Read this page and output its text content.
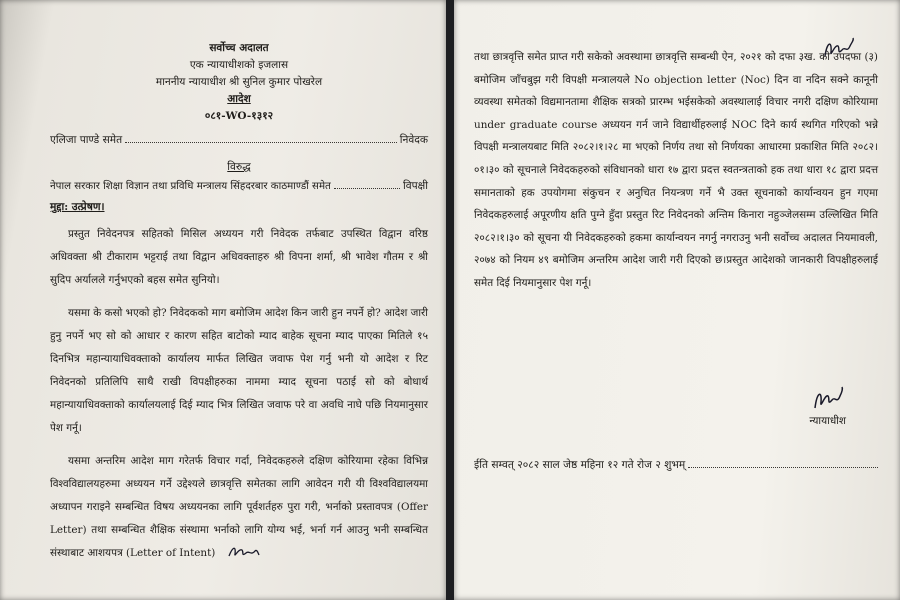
सर्वोच्च अदालत
एक न्यायाधीशको इजलास
माननीय न्यायाधीश श्री सुनिल कुमार पोखरेल
आदेश
०८१-WO-१३१२
एलिजा पाण्डे समेत	निवेदक
विरुद्ध
नेपाल सरकार शिक्षा विज्ञान तथा प्रविधि मन्त्रालय सिंहदरबार काठमाण्डौं समेत	विपक्षी
मुद्दा: उत्प्रेषण।

प्रस्तुत निवेदनपत्र सहितको मिसिल अध्ययन गरी निवेदक तर्फबाट उपस्थित विद्वान वरिष्ठ अधिवक्ता श्री टीकाराम भट्टराई तथा विद्वान अधिवक्ताहरु श्री विपना शर्मा, श्री भावेश गौतम र श्री सुदिप अर्यालले गर्नुभएको बहस समेत सुनियो।

यसमा के कसो भएको हो? निवेदकको माग बमोजिम आदेश किन जारी हुन नपर्ने हो? आदेश जारी हुनु नपर्ने भए सो को आधार र कारण सहित बाटोको म्याद बाहेक सूचना म्याद पाएका मितिले १५ दिनभित्र महान्यायाधिवक्ताको कार्यालय मार्फत लिखित जवाफ पेश गर्नु भनी यो आदेश र रिट निवेदनको प्रतिलिपि साथै राखी विपक्षीहरुका नाममा म्याद सूचना पठाई सो को बोधार्थ महान्यायाधिवक्ताको कार्यालयलाई दिई म्याद भित्र लिखित जवाफ परे वा अवधि नाघे पछि नियमानुसार पेश गर्नू।

यसमा अन्तरिम आदेश माग गरेतर्फ विचार गर्दा, निवेदकहरुले दक्षिण कोरियामा रहेका विभिन्न विश्वविद्यालयहरुमा अध्ययन गर्ने उद्देश्यले छात्रवृत्ति समेतका लागि आवेदन गरी यी विश्वविद्यालयमा अध्यापन गराइने सम्बन्धित विषय अध्ययनका लागि पूर्वशर्तहरु पुरा गरी, भर्नाको प्रस्तावपत्र (Offer Letter) तथा सम्बन्धित शैक्षिक संस्थामा भर्नाको लागि योग्य भई, भर्ना गर्न आउनु भनी सम्बन्धित संस्थाबाट आशयपत्र (Letter of Intent)

तथा छात्रवृत्ति समेत प्राप्त गरी सकेको अवस्थामा छात्रवृत्ति सम्बन्धी ऐन, २०२१ को दफा ३ख. को उपदफा (३) बमोजिम जाँचबुझ गरी विपक्षी मन्त्रालयले No objection letter (Noc) दिन वा नदिन सक्ने कानूनी व्यवस्था समेतको विद्यमानतामा शैक्षिक सत्रको प्रारम्भ भईसकेको अवस्थालाई विचार नगरी दक्षिण कोरियामा under graduate course अध्ययन गर्न जाने विद्यार्थीहरुलाई NOC दिने कार्य स्थगित गरिएको भन्ने विपक्षी मन्त्रालयबाट मिति २०८२।१।२८ मा भएको निर्णय तथा सो निर्णयका आधारमा प्रकाशित मिति २०८२।०१।३० को सूचनाले निवेदकहरुको संविधानको धारा १७ द्वारा प्रदत्त स्वतन्त्रताको हक तथा धारा १८ द्वारा प्रदत्त समानताको हक उपयोगमा संकुचन र अनुचित नियन्त्रण गर्ने भै उक्त सूचनाको कार्यान्वयन हुन गएमा निवेदकहरुलाई अपूरणीय क्षति पुग्ने हुँदा प्रस्तुत रिट निवेदनको अन्तिम किनारा नहुञ्जेलसम्म उल्लिखित मिति २०८२।१।३० को सूचना यी निवेदकहरुको हकमा कार्यान्वयन नगर्नु नगराउनु भनी सर्वोच्च अदालत नियमावली, २०७४ को नियम ४९ बमोजिम अन्तरिम आदेश जारी गरी दिएको छ।प्रस्तुत आदेशको जानकारी विपक्षीहरुलाई समेत दिई नियमानुसार पेश गर्नू।

न्यायाधीश
ईति सम्वत् २०८२ साल जेष्ठ महिना १२ गते रोज २ शुभम्
